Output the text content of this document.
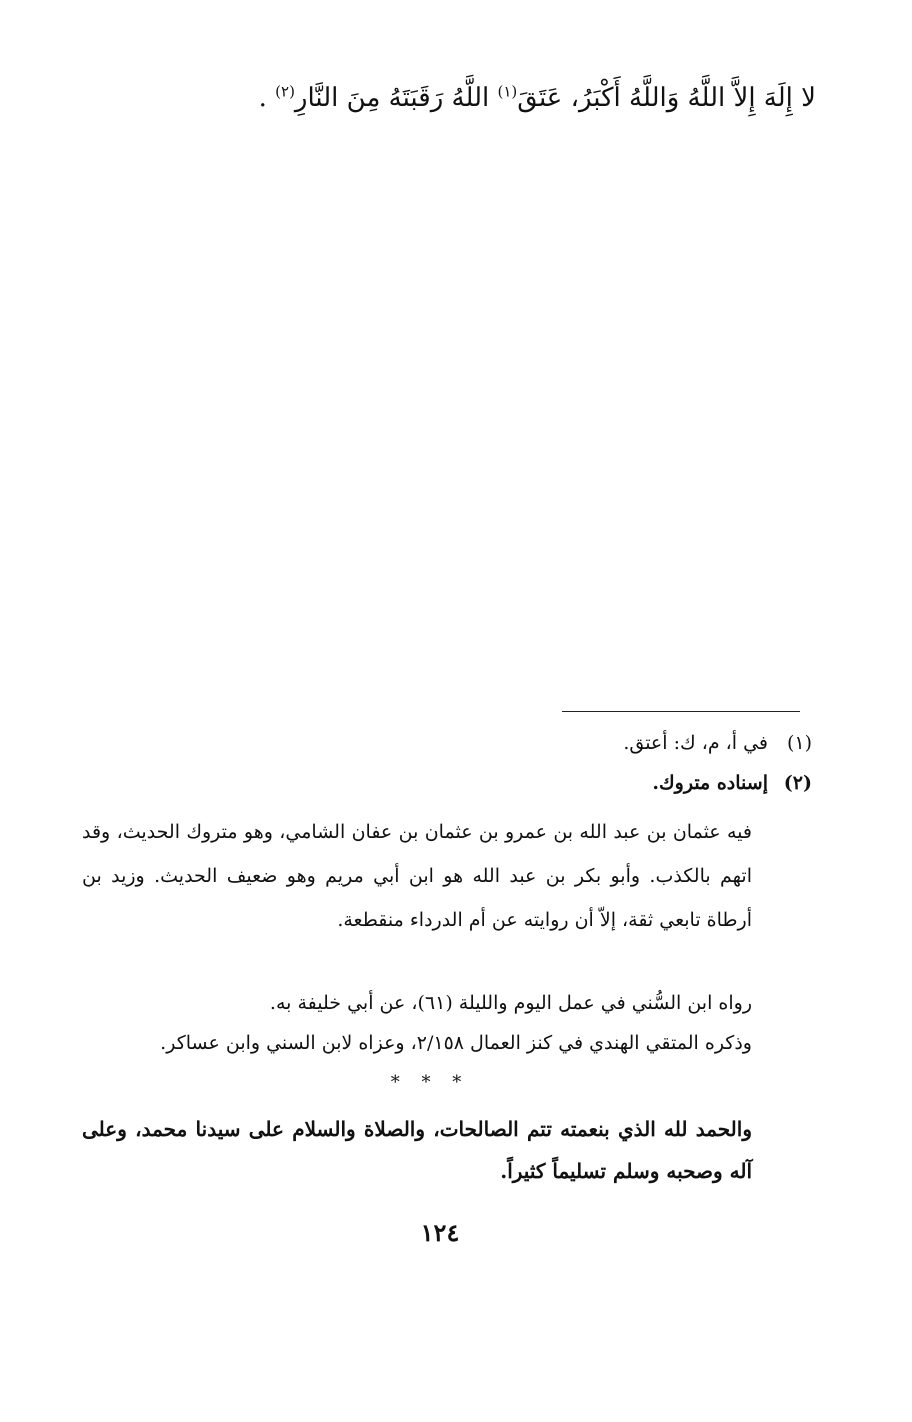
لا إِلَهَ إِلاَّ اللَّهُ وَاللَّهُ أَكْبَرُ، عَتَقَ$^{(١)}$ اللَّهُ رَقَبَتَهُ مِنَ النَّارِ$^{(٢)}$ .
(١)في أ، م، ك: أعتق.
(٢)إسناده متروك.
فيه عثمان بن عبد الله بن عمرو بن عثمان بن عفان الشامي، وهو متروك الحديث، وقد اتهم بالكذب. وأبو بكر بن عبد الله هو ابن أبي مريم وهو ضعيف الحديث. وزيد بن أرطاة تابعي ثقة، إلاّ أن روايته عن أم الدرداء منقطعة.
رواه ابن السُّني في عمل اليوم والليلة (٦١)، عن أبي خليفة به.
وذكره المتقي الهندي في كنز العمال ٢/١٥٨، وعزاه لابن السني وابن عساكر.
* * *
والحمد لله الذي بنعمته تتم الصالحات، والصلاة والسلام على سيدنا محمد، وعلى آله وصحبه وسلم تسليماً كثيراً.
١٢٤
